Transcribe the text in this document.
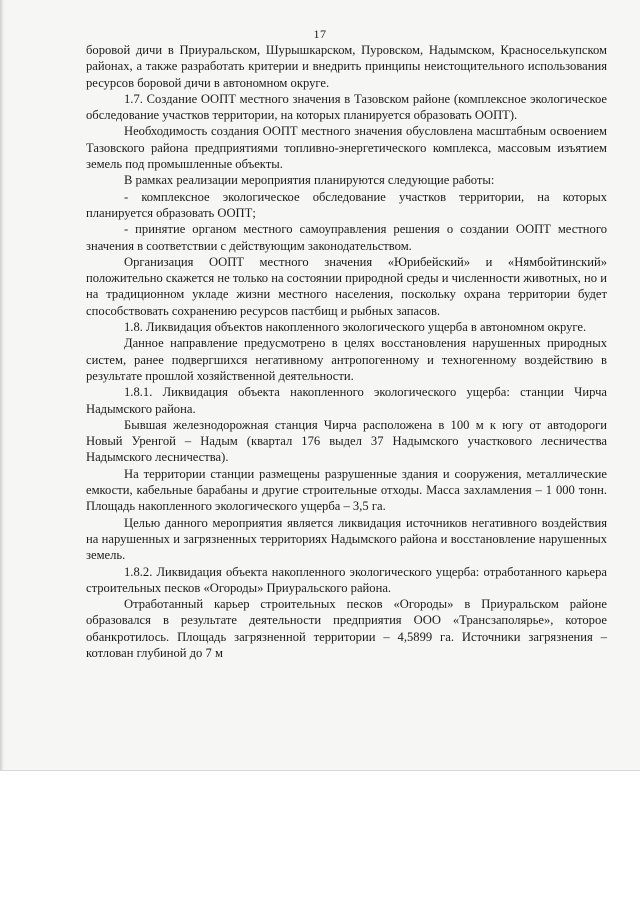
17

боровой дичи в Приуральском, Шурышкарском, Пуровском, Надымском, Красноселькупском районах, а также разработать критерии и внедрить принципы неистощительного использования ресурсов боровой дичи в автономном округе.

1.7. Создание ООПТ местного значения в Тазовском районе (комплексное экологическое обследование участков территории, на которых планируется образовать ООПТ).

Необходимость создания ООПТ местного значения обусловлена масштабным освоением Тазовского района предприятиями топливно-энергетического комплекса, массовым изъятием земель под промышленные объекты.

В рамках реализации мероприятия планируются следующие работы:

- комплексное экологическое обследование участков территории, на которых планируется образовать ООПТ;

- принятие органом местного самоуправления решения о создании ООПТ местного значения в соответствии с действующим законодательством.

Организация ООПТ местного значения «Юрибейский» и «Нямбойтинский» положительно скажется не только на состоянии природной среды и численности животных, но и на традиционном укладе жизни местного населения, поскольку охрана территории будет способствовать сохранению ресурсов пастбищ и рыбных запасов.

1.8. Ликвидация объектов накопленного экологического ущерба в автономном округе.

Данное направление предусмотрено в целях восстановления нарушенных природных систем, ранее подвергшихся негативному антропогенному и техногенному воздействию в результате прошлой хозяйственной деятельности.

1.8.1. Ликвидация объекта накопленного экологического ущерба: станции Чирча Надымского района.

Бывшая железнодорожная станция Чирча расположена в 100 м к югу от автодороги Новый Уренгой – Надым (квартал 176 выдел 37 Надымского участкового лесничества Надымского лесничества).

На территории станции размещены разрушенные здания и сооружения, металлические емкости, кабельные барабаны и другие строительные отходы. Масса захламления – 1 000 тонн. Площадь накопленного экологического ущерба – 3,5 га.

Целью данного мероприятия является ликвидация источников негативного воздействия на нарушенных и загрязненных территориях Надымского района и восстановление нарушенных земель.

1.8.2. Ликвидация объекта накопленного экологического ущерба: отработанного карьера строительных песков «Огороды» Приуральского района.

Отработанный карьер строительных песков «Огороды» в Приуральском районе образовался в результате деятельности предприятия ООО «Трансзаполярье», которое обанкротилось. Площадь загрязненной территории – 4,5899 га. Источники загрязнения – котлован глубиной до 7 м
